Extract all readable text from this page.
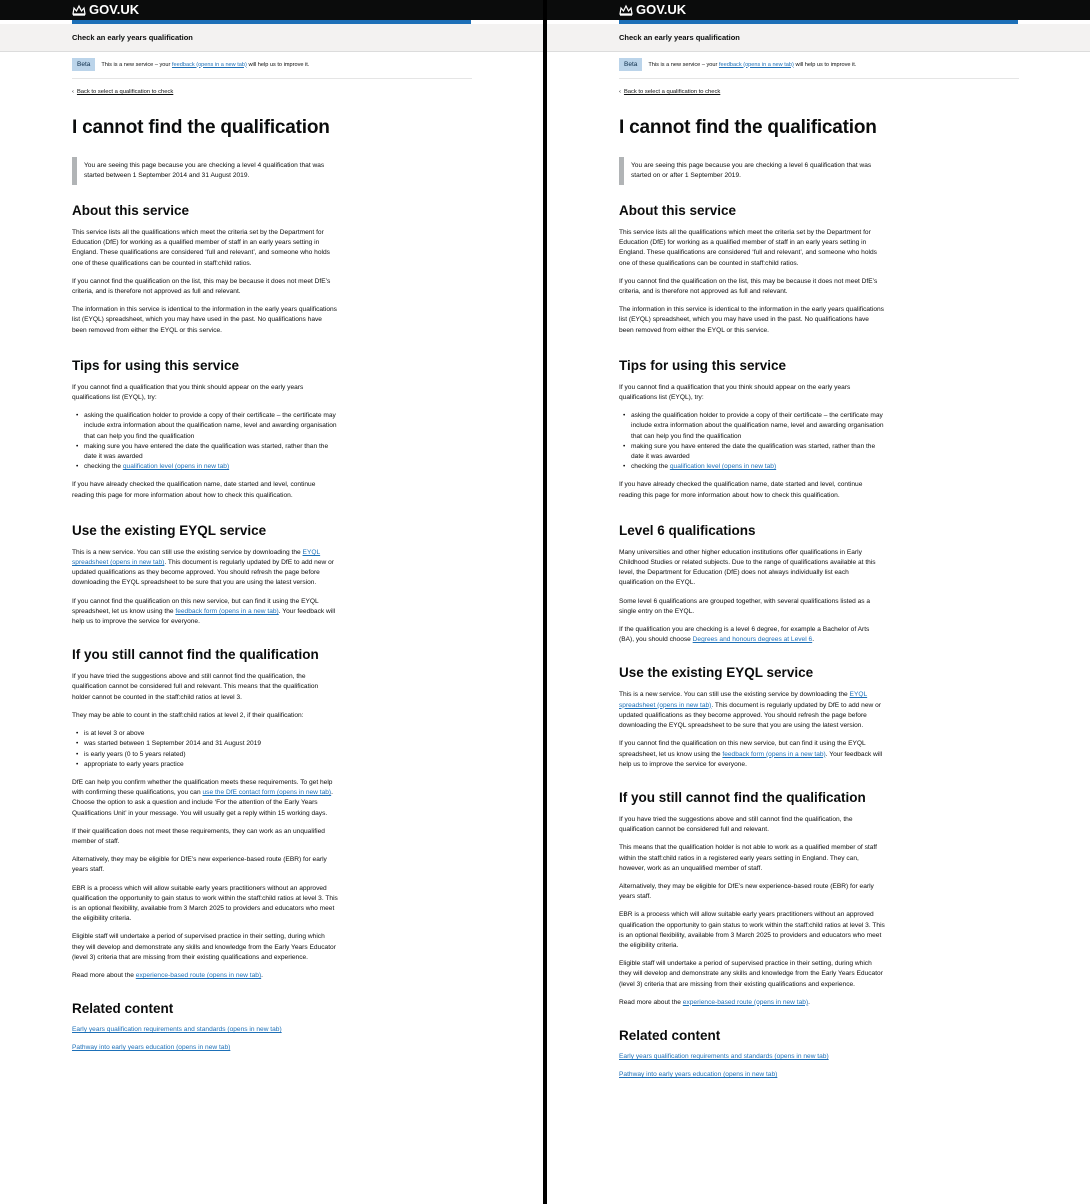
GOV.UK
Check an early years qualification
Beta	This is a new service – your feedback (opens in a new tab) will help us to improve it.
‹ Back to select a qualification to check
I cannot find the qualification
You are seeing this page because you are checking a level 4 qualification that was started between 1 September 2014 and 31 August 2019.
About this service

This service lists all the qualifications which meet the criteria set by the Department for Education (DfE) for working as a qualified member of staff in an early years setting in England. These qualifications are considered ‘full and relevant’, and someone who holds one of these qualifications can be counted in staff:child ratios.

If you cannot find the qualification on the list, this may be because it does not meet DfE’s criteria, and is therefore not approved as full and relevant.

The information in this service is identical to the information in the early years qualifications list (EYQL) spreadsheet, which you may have used in the past. No qualifications have been removed from either the EYQL or this service.

Tips for using this service

If you cannot find a qualification that you think should appear on the early years qualifications list (EYQL), try:

• asking the qualification holder to provide a copy of their certificate – the certificate may include extra information about the qualification name, level and awarding organisation that can help you find the qualification
• making sure you have entered the date the qualification was started, rather than the date it was awarded
• checking the qualification level (opens in new tab)

If you have already checked the qualification name, date started and level, continue reading this page for more information about how to check this qualification.

Use the existing EYQL service

This is a new service. You can still use the existing service by downloading the EYQL spreadsheet (opens in new tab). This document is regularly updated by DfE to add new or updated qualifications as they become approved. You should refresh the page before downloading the EYQL spreadsheet to be sure that you are using the latest version.

If you cannot find the qualification on this new service, but can find it using the EYQL spreadsheet, let us know using the feedback form (opens in a new tab). Your feedback will help us to improve the service for everyone.

If you still cannot find the qualification

If you have tried the suggestions above and still cannot find the qualification, the qualification cannot be considered full and relevant. This means that the qualification holder cannot be counted in the staff:child ratios at level 3.

They may be able to count in the staff:child ratios at level 2, if their qualification:

• is at level 3 or above
• was started between 1 September 2014 and 31 August 2019
• is early years (0 to 5 years related)
• appropriate to early years practice

DfE can help you confirm whether the qualification meets these requirements. To get help with confirming these qualifications, you can use the DfE contact form (opens in new tab). Choose the option to ask a question and include ‘For the attention of the Early Years Qualifications Unit’ in your message. You will usually get a reply within 15 working days.

If their qualification does not meet these requirements, they can work as an unqualified member of staff.

Alternatively, they may be eligible for DfE’s new experience-based route (EBR) for early years staff.

EBR is a process which will allow suitable early years practitioners without an approved qualification the opportunity to gain status to work within the staff:child ratios at level 3. This is an optional flexibility, available from 3 March 2025 to providers and educators who meet the eligibility criteria.

Eligible staff will undertake a period of supervised practice in their setting, during which they will develop and demonstrate any skills and knowledge from the Early Years Educator (level 3) criteria that are missing from their existing qualifications and experience.

Read more about the experience-based route (opens in new tab).

Related content
Early years qualification requirements and standards (opens in new tab)
Pathway into early years education (opens in new tab)
GOV.UK
Check an early years qualification
Beta	This is a new service – your feedback (opens in a new tab) will help us to improve it.
‹ Back to select a qualification to check
I cannot find the qualification
You are seeing this page because you are checking a level 6 qualification that was started on or after 1 September 2019.
About this service

This service lists all the qualifications which meet the criteria set by the Department for Education (DfE) for working as a qualified member of staff in an early years setting in England. These qualifications are considered ‘full and relevant’, and someone who holds one of these qualifications can be counted in staff:child ratios.

If you cannot find the qualification on the list, this may be because it does not meet DfE’s criteria, and is therefore not approved as full and relevant.

The information in this service is identical to the information in the early years qualifications list (EYQL) spreadsheet, which you may have used in the past. No qualifications have been removed from either the EYQL or this service.

Tips for using this service

If you cannot find a qualification that you think should appear on the early years qualifications list (EYQL), try:

• asking the qualification holder to provide a copy of their certificate – the certificate may include extra information about the qualification name, level and awarding organisation that can help you find the qualification
• making sure you have entered the date the qualification was started, rather than the date it was awarded
• checking the qualification level (opens in new tab)

If you have already checked the qualification name, date started and level, continue reading this page for more information about how to check this qualification.

Level 6 qualifications

Many universities and other higher education institutions offer qualifications in Early Childhood Studies or related subjects. Due to the range of qualifications available at this level, the Department for Education (DfE) does not always individually list each qualification on the EYQL.

Some level 6 qualifications are grouped together, with several qualifications listed as a single entry on the EYQL.

If the qualification you are checking is a level 6 degree, for example a Bachelor of Arts (BA), you should choose Degrees and honours degrees at Level 6.

Use the existing EYQL service

This is a new service. You can still use the existing service by downloading the EYQL spreadsheet (opens in new tab). This document is regularly updated by DfE to add new or updated qualifications as they become approved. You should refresh the page before downloading the EYQL spreadsheet to be sure that you are using the latest version.

If you cannot find the qualification on this new service, but can find it using the EYQL spreadsheet, let us know using the feedback form (opens in a new tab). Your feedback will help us to improve the service for everyone.

If you still cannot find the qualification

If you have tried the suggestions above and still cannot find the qualification, the qualification cannot be considered full and relevant.

This means that the qualification holder is not able to work as a qualified member of staff within the staff:child ratios in a registered early years setting in England. They can, however, work as an unqualified member of staff.

Alternatively, they may be eligible for DfE’s new experience-based route (EBR) for early years staff.

EBR is a process which will allow suitable early years practitioners without an approved qualification the opportunity to gain status to work within the staff:child ratios at level 3. This is an optional flexibility, available from 3 March 2025 to providers and educators who meet the eligibility criteria.

Eligible staff will undertake a period of supervised practice in their setting, during which they will develop and demonstrate any skills and knowledge from the Early Years Educator (level 3) criteria that are missing from their existing qualifications and experience.

Read more about the experience-based route (opens in new tab).

Related content
Early years qualification requirements and standards (opens in new tab)
Pathway into early years education (opens in new tab)
